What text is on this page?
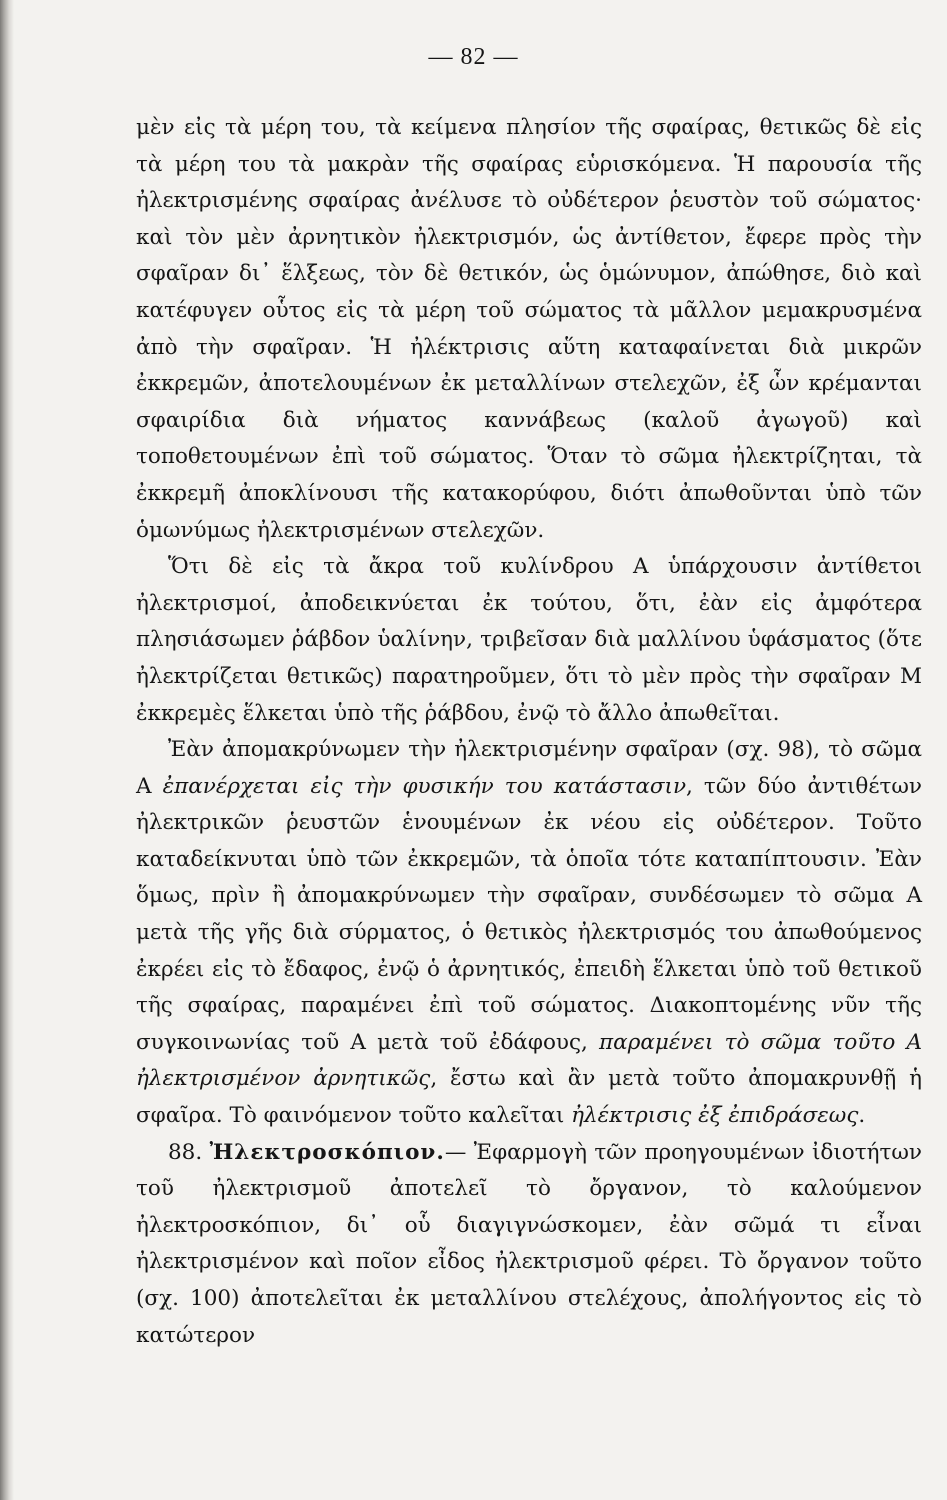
— 82 —

μὲν εἰς τὰ μέρη του, τὰ κείμενα πλησίον τῆς σφαίρας, θετικῶς δὲ εἰς τὰ μέρη του τὰ μακρὰν τῆς σφαίρας εὑρισκόμενα. Ἡ παρουσία τῆς ἠλεκτρισμένης σφαίρας ἀνέλυσε τὸ οὐδέτερον ῥευστὸν τοῦ σώματος· καὶ τὸν μὲν ἀρνητικὸν ἠλεκτρισμόν, ὡς ἀντίθετον, ἔφερε πρὸς τὴν σφαῖραν δι᾿ ἕλξεως, τὸν δὲ θετικόν, ὡς ὁμώνυμον, ἀπώθησε, διὸ καὶ κατέφυγεν οὗτος εἰς τὰ μέρη τοῦ σώματος τὰ μᾶλλον μεμακρυσμένα ἀπὸ τὴν σφαῖραν. Ἡ ἠλέκτρισις αὕτη καταφαίνεται διὰ μικρῶν ἐκκρεμῶν, ἀποτελουμένων ἐκ μεταλλίνων στελεχῶν, ἐξ ὧν κρέμανται σφαιρίδια διὰ νήματος καννάβεως (καλοῦ ἀγωγοῦ) καὶ τοποθετουμένων ἐπὶ τοῦ σώματος. Ὅταν τὸ σῶμα ἠλεκτρίζηται, τὰ ἐκκρεμῆ ἀποκλίνουσι τῆς κατακορύφου, διότι ἀπωθοῦνται ὑπὸ τῶν ὁμωνύμως ἠλεκτρισμένων στελεχῶν.

Ὅτι δὲ εἰς τὰ ἄκρα τοῦ κυλίνδρου Α ὑπάρχουσιν ἀντίθετοι ἠλεκτρισμοί, ἀποδεικνύεται ἐκ τούτου, ὅτι, ἐὰν εἰς ἀμφότερα πλησιάσωμεν ῥάβδον ὑαλίνην, τριβεῖσαν διὰ μαλλίνου ὑφάσματος (ὅτε ἠλεκτρίζεται θετικῶς) παρατηροῦμεν, ὅτι τὸ μὲν πρὸς τὴν σφαῖραν Μ ἐκκρεμὲς ἕλκεται ὑπὸ τῆς ῥάβδου, ἐνῷ τὸ ἄλλο ἀπωθεῖται.

Ἐὰν ἀπομακρύνωμεν τὴν ἠλεκτρισμένην σφαῖραν (σχ. 98), τὸ σῶμα Α ἐπανέρχεται εἰς τὴν φυσικήν του κατάστασιν, τῶν δύο ἀντιθέτων ἠλεκτρικῶν ῥευστῶν ἑνουμένων ἐκ νέου εἰς οὐδέτερον. Τοῦτο καταδείκνυται ὑπὸ τῶν ἐκκρεμῶν, τὰ ὁποῖα τότε καταπίπτουσιν. Ἐὰν ὅμως, πρὶν ἢ ἀπομακρύνωμεν τὴν σφαῖραν, συνδέσωμεν τὸ σῶμα Α μετὰ τῆς γῆς διὰ σύρματος, ὁ θετικὸς ἠλεκτρισμός του ἀπωθούμενος ἐκρέει εἰς τὸ ἔδαφος, ἐνῷ ὁ ἀρνητικός, ἐπειδὴ ἕλκεται ὑπὸ τοῦ θετικοῦ τῆς σφαίρας, παραμένει ἐπὶ τοῦ σώματος. Διακοπτομένης νῦν τῆς συγκοινωνίας τοῦ Α μετὰ τοῦ ἐδάφους, παραμένει τὸ σῶμα τοῦτο Α ἠλεκτρισμένον ἀρνητικῶς, ἔστω καὶ ἂν μετὰ τοῦτο ἀπομακρυνθῇ ἡ σφαῖρα. Τὸ φαινόμενον τοῦτο καλεῖται ἠλέκτρισις ἐξ ἐπιδράσεως.

88. Ἠλεκτροσκόπιον.— Ἐφαρμογὴ τῶν προηγουμένων ἰδιοτήτων τοῦ ἠλεκτρισμοῦ ἀποτελεῖ τὸ ὄργανον, τὸ καλούμενον ἠλεκτροσκόπιον, δι᾿ οὗ διαγιγνώσκομεν, ἐὰν σῶμά τι εἶναι ἠλεκτρισμένον καὶ ποῖον εἶδος ἠλεκτρισμοῦ φέρει. Τὸ ὄργανον τοῦτο (σχ. 100) ἀποτελεῖται ἐκ μεταλλίνου στελέχους, ἀπολήγοντος εἰς τὸ κατώτερον
